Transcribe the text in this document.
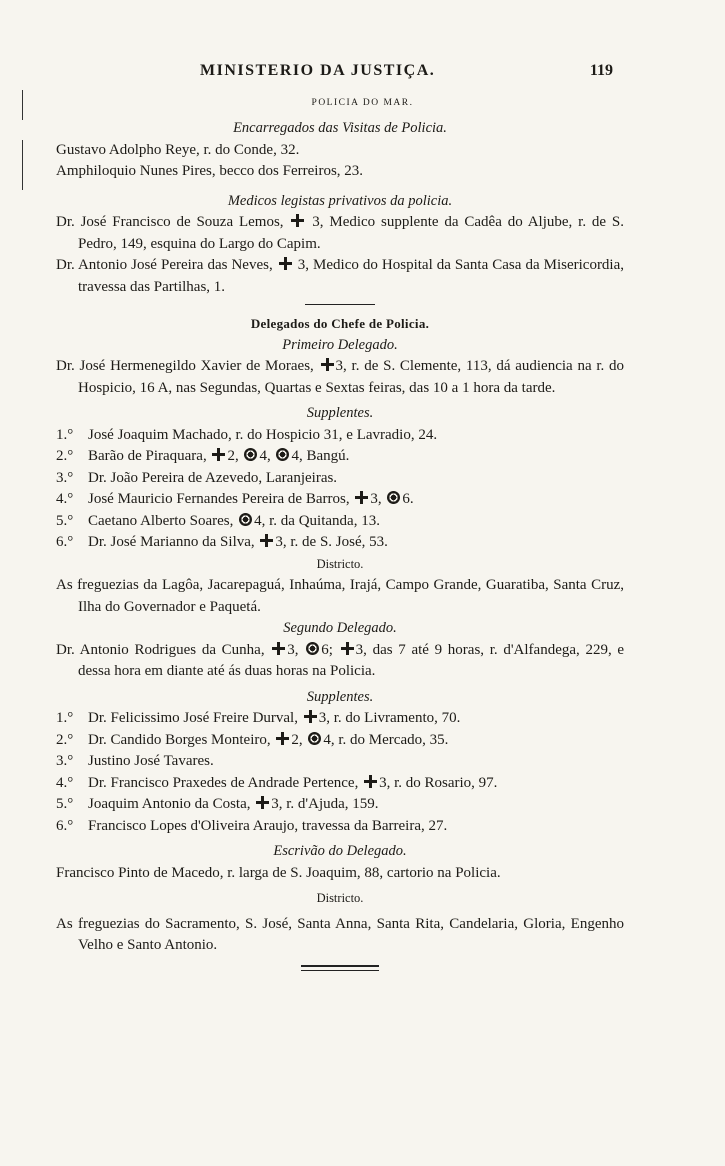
MINISTERIO DA JUSTIÇA.	119
POLICIA DO MAR.

Encarregados das Visitas de Policia.

Gustavo Adolpho Reye, r. do Conde, 32.

Amphiloquio Nunes Pires, becco dos Ferreiros, 23.

Medicos legistas privativos da policia.

Dr. José Francisco de Souza Lemos, 3, Medico supplente da Cadêa do Aljube, r. de S. Pedro, 149, esquina do Largo do Capim.

Dr. Antonio José Pereira das Neves, 3, Medico do Hospital da Santa Casa da Misericordia, travessa das Partilhas, 1.

Delegados do Chefe de Policia.

Primeiro Delegado.

Dr. José Hermenegildo Xavier de Moraes, 3, r. de S. Clemente, 113, dá audiencia na r. do Hospicio, 16 A, nas Segundas, Quartas e Sextas feiras, das 10 a 1 hora da tarde.

Supplentes.

1.° José Joaquim Machado, r. do Hospicio 31, e Lavradio, 24.

2.° Barão de Piraquara, 2, 4, 4, Bangú.

3.° Dr. João Pereira de Azevedo, Laranjeiras.

4.° José Mauricio Fernandes Pereira de Barros, 3, 6.

5.° Caetano Alberto Soares, 4, r. da Quitanda, 13.

6.° Dr. José Marianno da Silva, 3, r. de S. José, 53.

Districto.

As freguezias da Lagôa, Jacarepaguá, Inhaúma, Irajá, Campo Grande, Guaratiba, Santa Cruz, Ilha do Governador e Paquetá.

Segundo Delegado.

Dr. Antonio Rodrigues da Cunha, 3, 6; 3, das 7 até 9 horas, r. d'Alfandega, 229, e dessa hora em diante até ás duas horas na Policia.

Supplentes.

1.° Dr. Felicissimo José Freire Durval, 3, r. do Livramento, 70.

2.° Dr. Candido Borges Monteiro, 2, 4, r. do Mercado, 35.

3.° Justino José Tavares.

4.° Dr. Francisco Praxedes de Andrade Pertence, 3, r. do Rosario, 97.

5.° Joaquim Antonio da Costa, 3, r. d'Ajuda, 159.

6.° Francisco Lopes d'Oliveira Araujo, travessa da Barreira, 27.

Escrivão do Delegado.

Francisco Pinto de Macedo, r. larga de S. Joaquim, 88, cartorio na Policia.

Districto.

As freguezias do Sacramento, S. José, Santa Anna, Santa Rita, Candelaria, Gloria, Engenho Velho e Santo Antonio.
